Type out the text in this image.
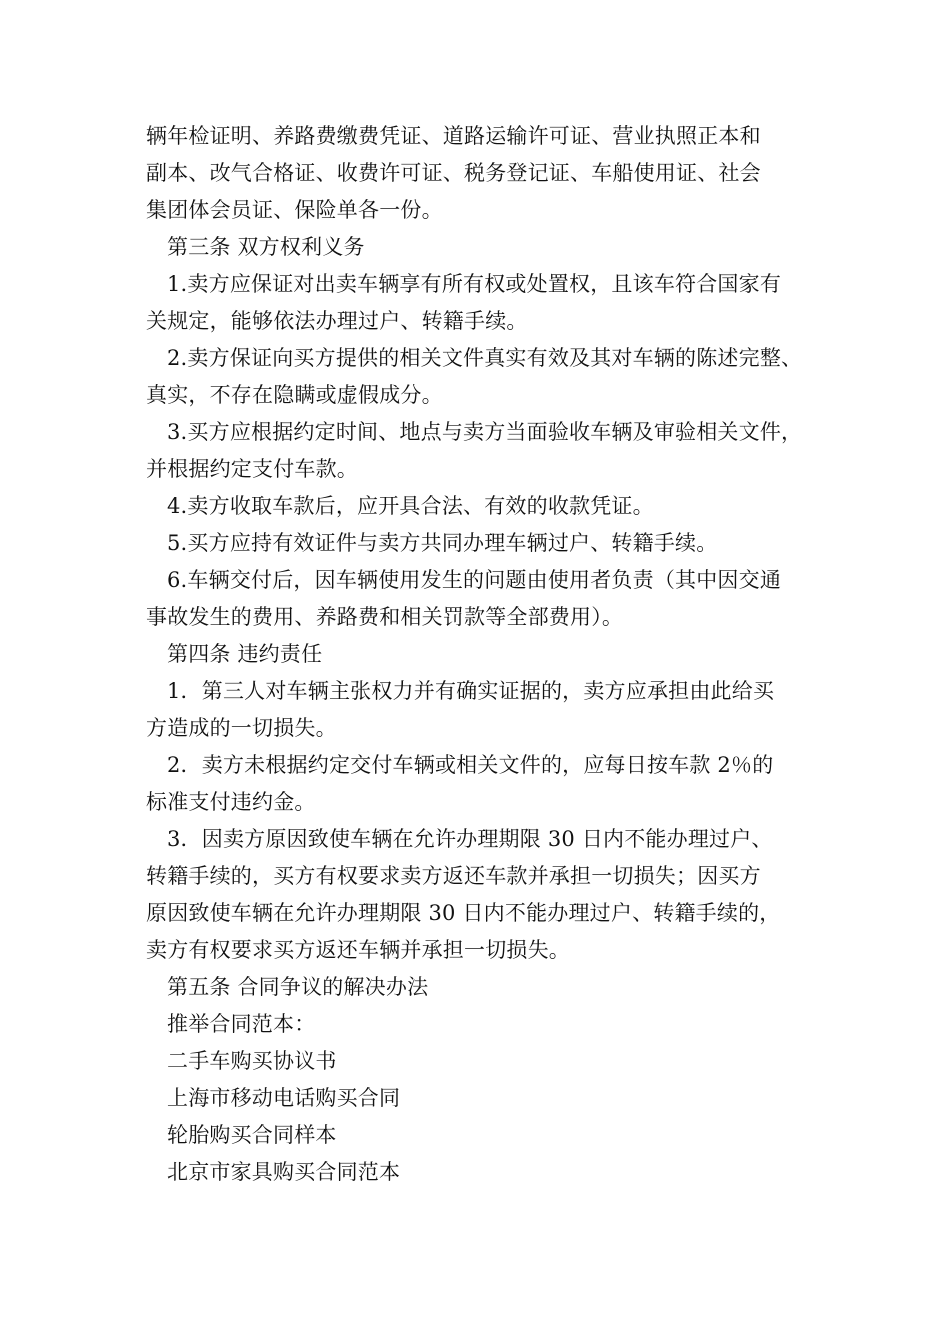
辆年检证明、养路费缴费凭证、道路运输许可证、营业执照正本和
副本、改气合格证、收费许可证、税务登记证、车船使用证、社会
集团体会员证、保险单各一份。
第三条 双方权利义务
1.卖方应保证对出卖车辆享有所有权或处置权，且该车符合国家有
关规定，能够依法办理过户、转籍手续。
2.卖方保证向买方提供的相关文件真实有效及其对车辆的陈述完整、
真实，不存在隐瞒或虚假成分。
3.买方应根据约定时间、地点与卖方当面验收车辆及审验相关文件，
并根据约定支付车款。
4.卖方收取车款后，应开具合法、有效的收款凭证。
5.买方应持有效证件与卖方共同办理车辆过户、转籍手续。
6.车辆交付后，因车辆使用发生的问题由使用者负责（其中因交通
事故发生的费用、养路费和相关罚款等全部费用）。
第四条 违约责任
1．第三人对车辆主张权力并有确实证据的，卖方应承担由此给买
方造成的一切损失。
2．卖方未根据约定交付车辆或相关文件的，应每日按车款 2％的
标准支付违约金。
3．因卖方原因致使车辆在允许办理期限 30 日内不能办理过户、
转籍手续的，买方有权要求卖方返还车款并承担一切损失；因买方
原因致使车辆在允许办理期限 30 日内不能办理过户、转籍手续的，
卖方有权要求买方返还车辆并承担一切损失。
第五条 合同争议的解决办法
推举合同范本：
二手车购买协议书
上海市移动电话购买合同
轮胎购买合同样本
北京市家具购买合同范本
